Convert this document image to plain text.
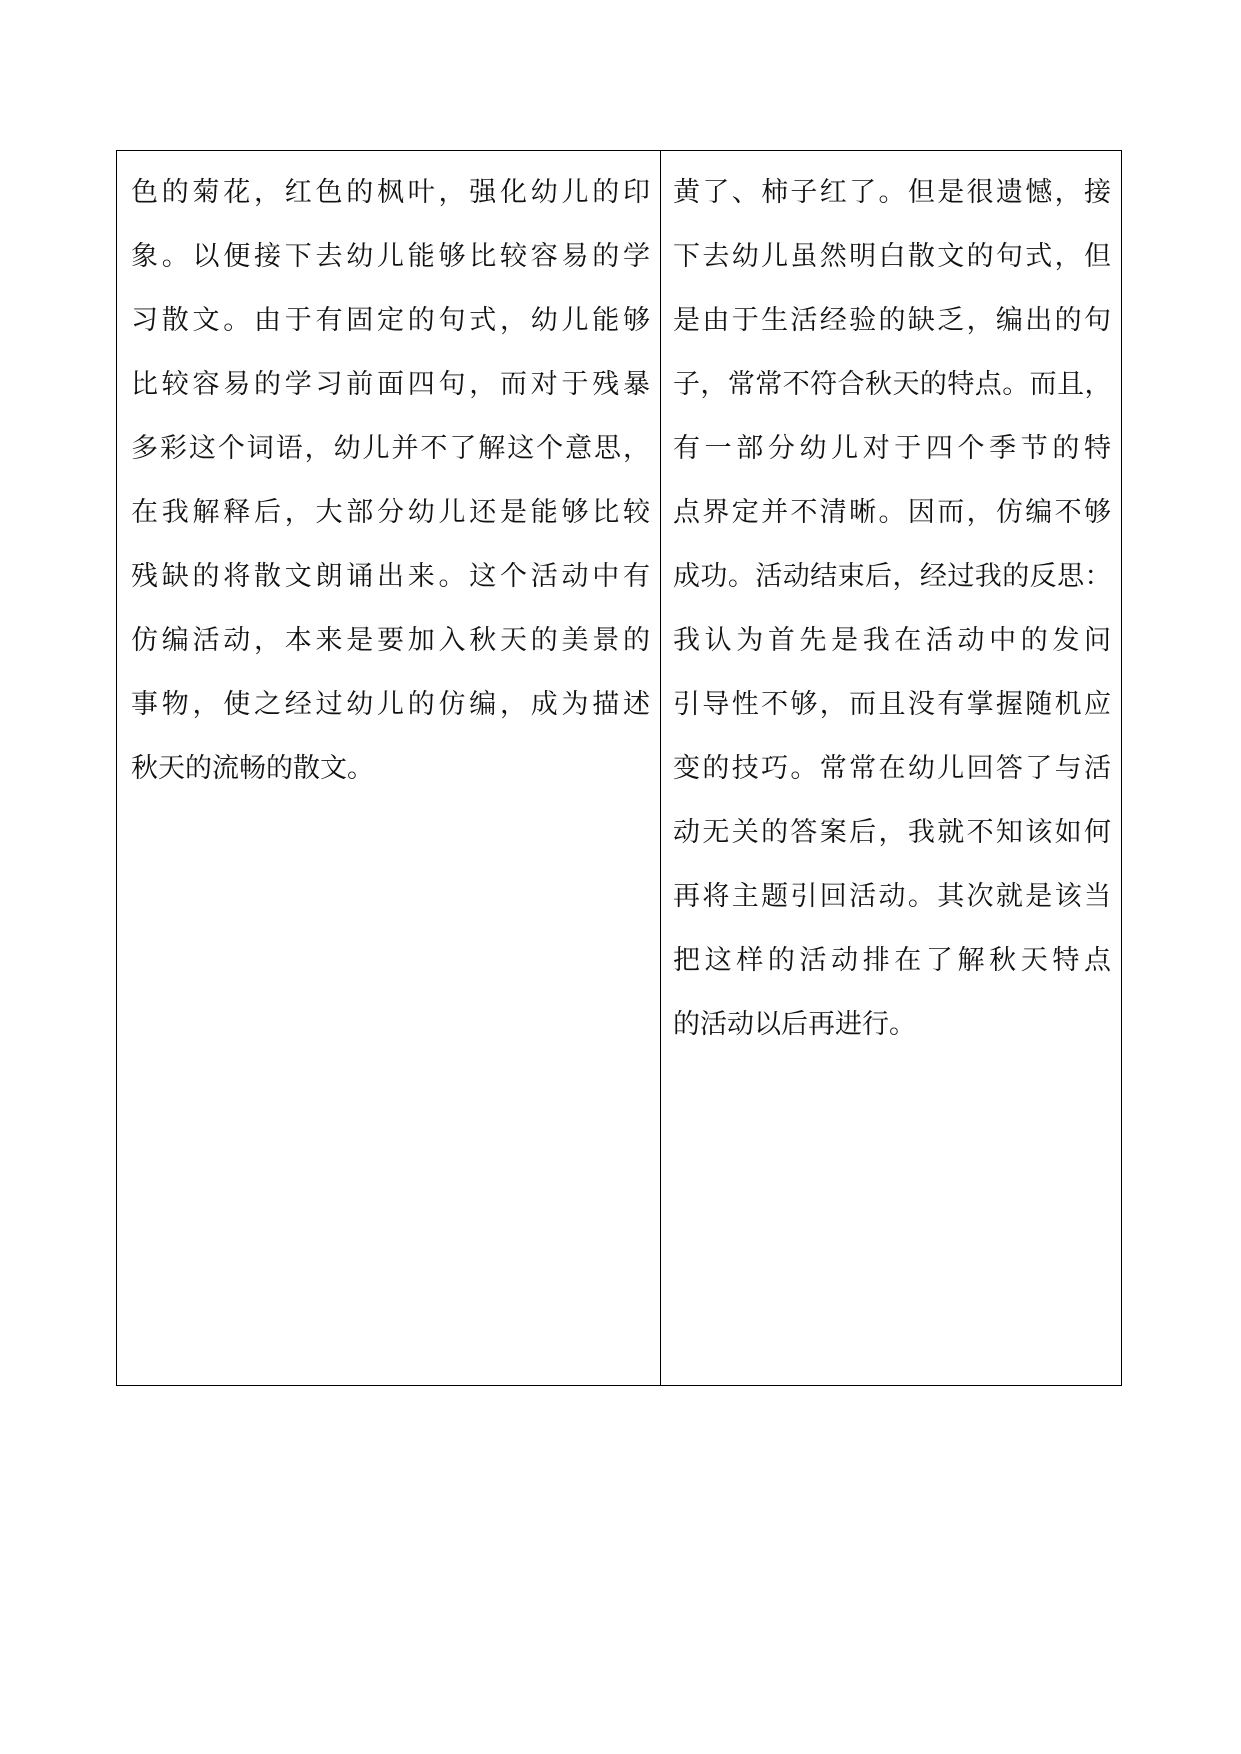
色的菊花，红色的枫叶，强化幼儿的印
象。以便接下去幼儿能够比较容易的学
习散文。由于有固定的句式，幼儿能够
比较容易的学习前面四句，而对于残暴
多彩这个词语，幼儿并不了解这个意思，
在我解释后，大部分幼儿还是能够比较
残缺的将散文朗诵出来。这个活动中有
仿编活动，本来是要加入秋天的美景的
事物，使之经过幼儿的仿编，成为描述
秋天的流畅的散文。
黄了、柿子红了。但是很遗憾，接
下去幼儿虽然明白散文的句式，但
是由于生活经验的缺乏，编出的句
子，常常不符合秋天的特点。而且，
有一部分幼儿对于四个季节的特
点界定并不清晰。因而，仿编不够
成功。活动结束后，经过我的反思：
我认为首先是我在活动中的发问
引导性不够，而且没有掌握随机应
变的技巧。常常在幼儿回答了与活
动无关的答案后，我就不知该如何
再将主题引回活动。其次就是该当
把这样的活动排在了解秋天特点
的活动以后再进行。
